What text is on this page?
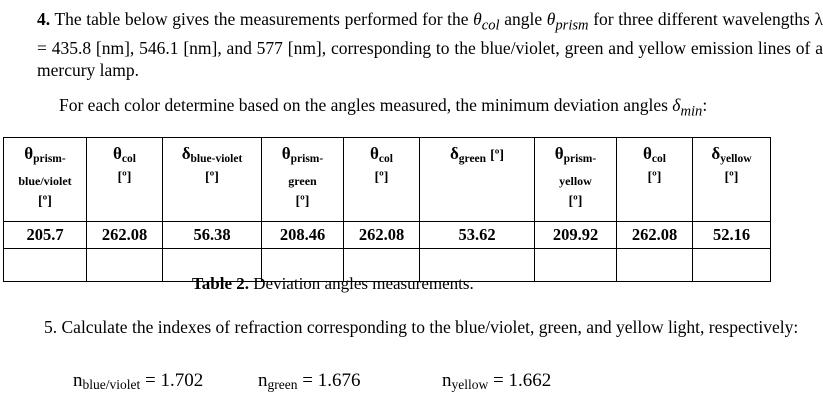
4. The table below gives the measurements performed for the $\theta_{col}$ angle $\theta_{prism}$ for three different wavelengths λ = 435.8 [nm], 546.1 [nm], and 577 [nm], corresponding to the blue/violet, green and yellow emission lines of a mercury lamp.
For each color determine based on the angles measured, the minimum deviation angles $\delta_{min}$:
$\theta_{prism-}$
blue/violet
[º]	$\theta_{col}$
[º]	$\delta_{blue-violet}$
[º]	$\theta_{prism-}$
green
[º]	$\theta_{col}$
[º]	$\delta_{green}$ [º]	$\theta_{prism-}$
yellow
[º]	$\theta_{col}$
[º]	$\delta_{yellow}$
[º]

205.7	262.08	56.38	208.46	262.08	53.62	209.92	262.08	52.16

Table 2. Deviation angles measurements.
5. Calculate the indexes of refraction corresponding to the blue/violet, green, and yellow light, respectively:
nblue/violet = 1.702	ngreen = 1.676	nyellow = 1.662
